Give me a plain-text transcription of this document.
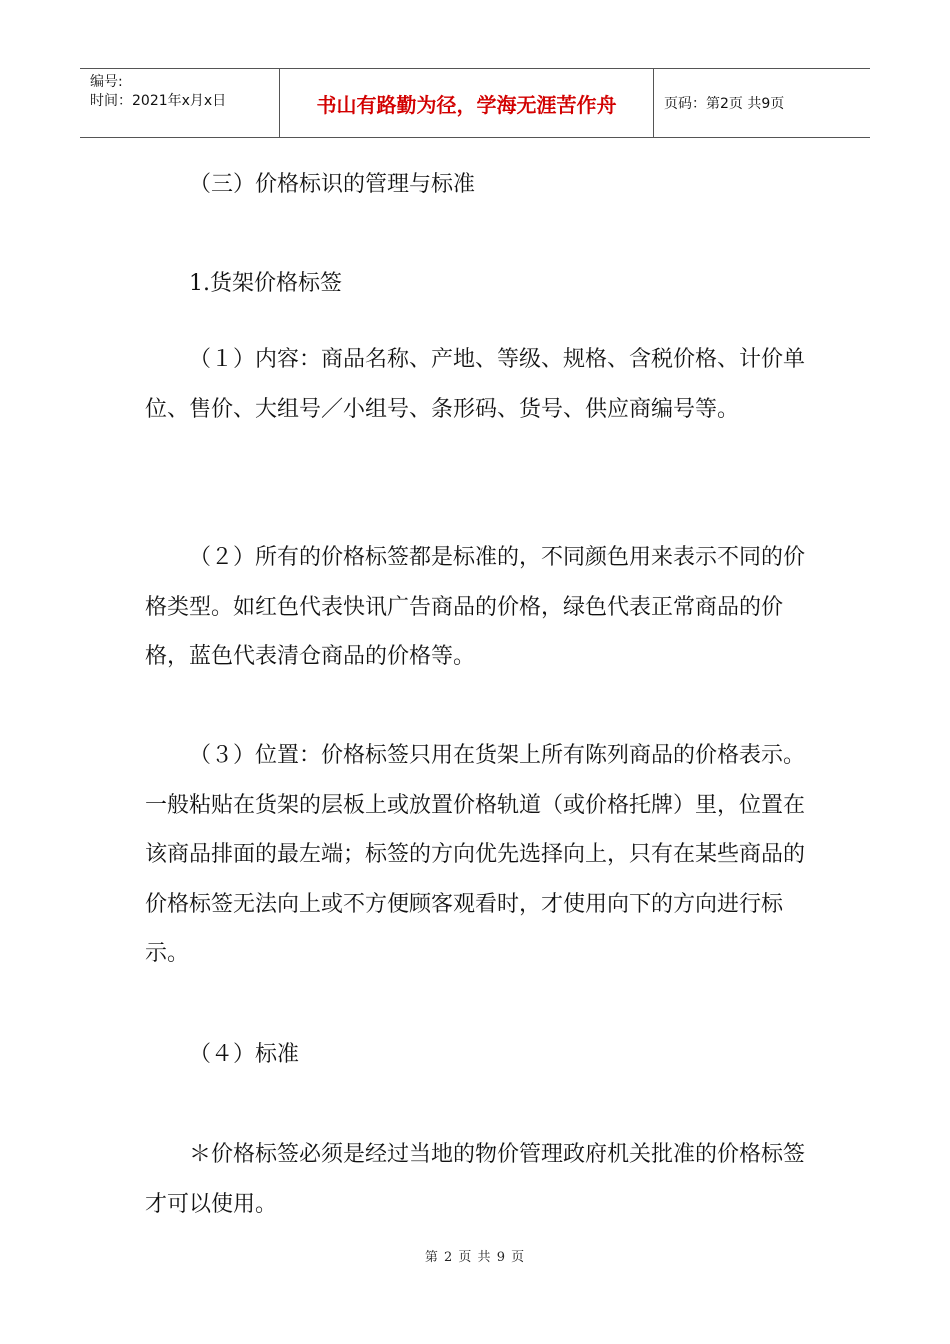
编号:
时间：2021年x月x日	书山有路勤为径，学海无涯苦作舟	页码：第2页 共9页

（三）价格标识的管理与标准

1.货架价格标签

（１）内容：商品名称、产地、等级、规格、含税价格、计价单位、售价、大组号／小组号、条形码、货号、供应商编号等。

（２）所有的价格标签都是标准的，不同颜色用来表示不同的价格类型。如红色代表快讯广告商品的价格，绿色代表正常商品的价格，蓝色代表清仓商品的价格等。

（３）位置：价格标签只用在货架上所有陈列商品的价格表示。一般粘贴在货架的层板上或放置价格轨道（或价格托牌）里，位置在该商品排面的最左端；标签的方向优先选择向上，只有在某些商品的价格标签无法向上或不方便顾客观看时，才使用向下的方向进行标示。

（４）标准

＊价格标签必须是经过当地的物价管理政府机关批准的价格标签才可以使用。

第 2 页 共 9 页
